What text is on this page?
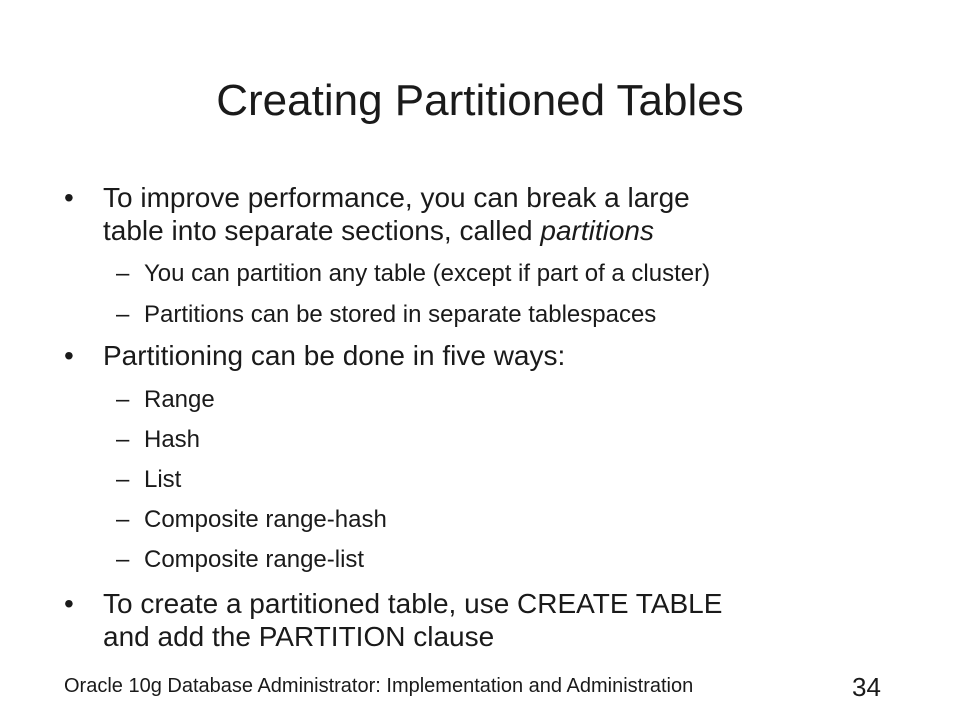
Creating Partitioned Tables
•	To improve performance, you can break a large
table into separate sections, called partitions
– You can partition any table (except if part of a cluster)
– Partitions can be stored in separate tablespaces
•	Partitioning can be done in five ways:
– Range
– Hash
– List
– Composite range-hash
– Composite range-list
•	To create a partitioned table, use CREATE TABLE
and add the PARTITION clause
Oracle 10g Database Administrator: Implementation and Administration	34
